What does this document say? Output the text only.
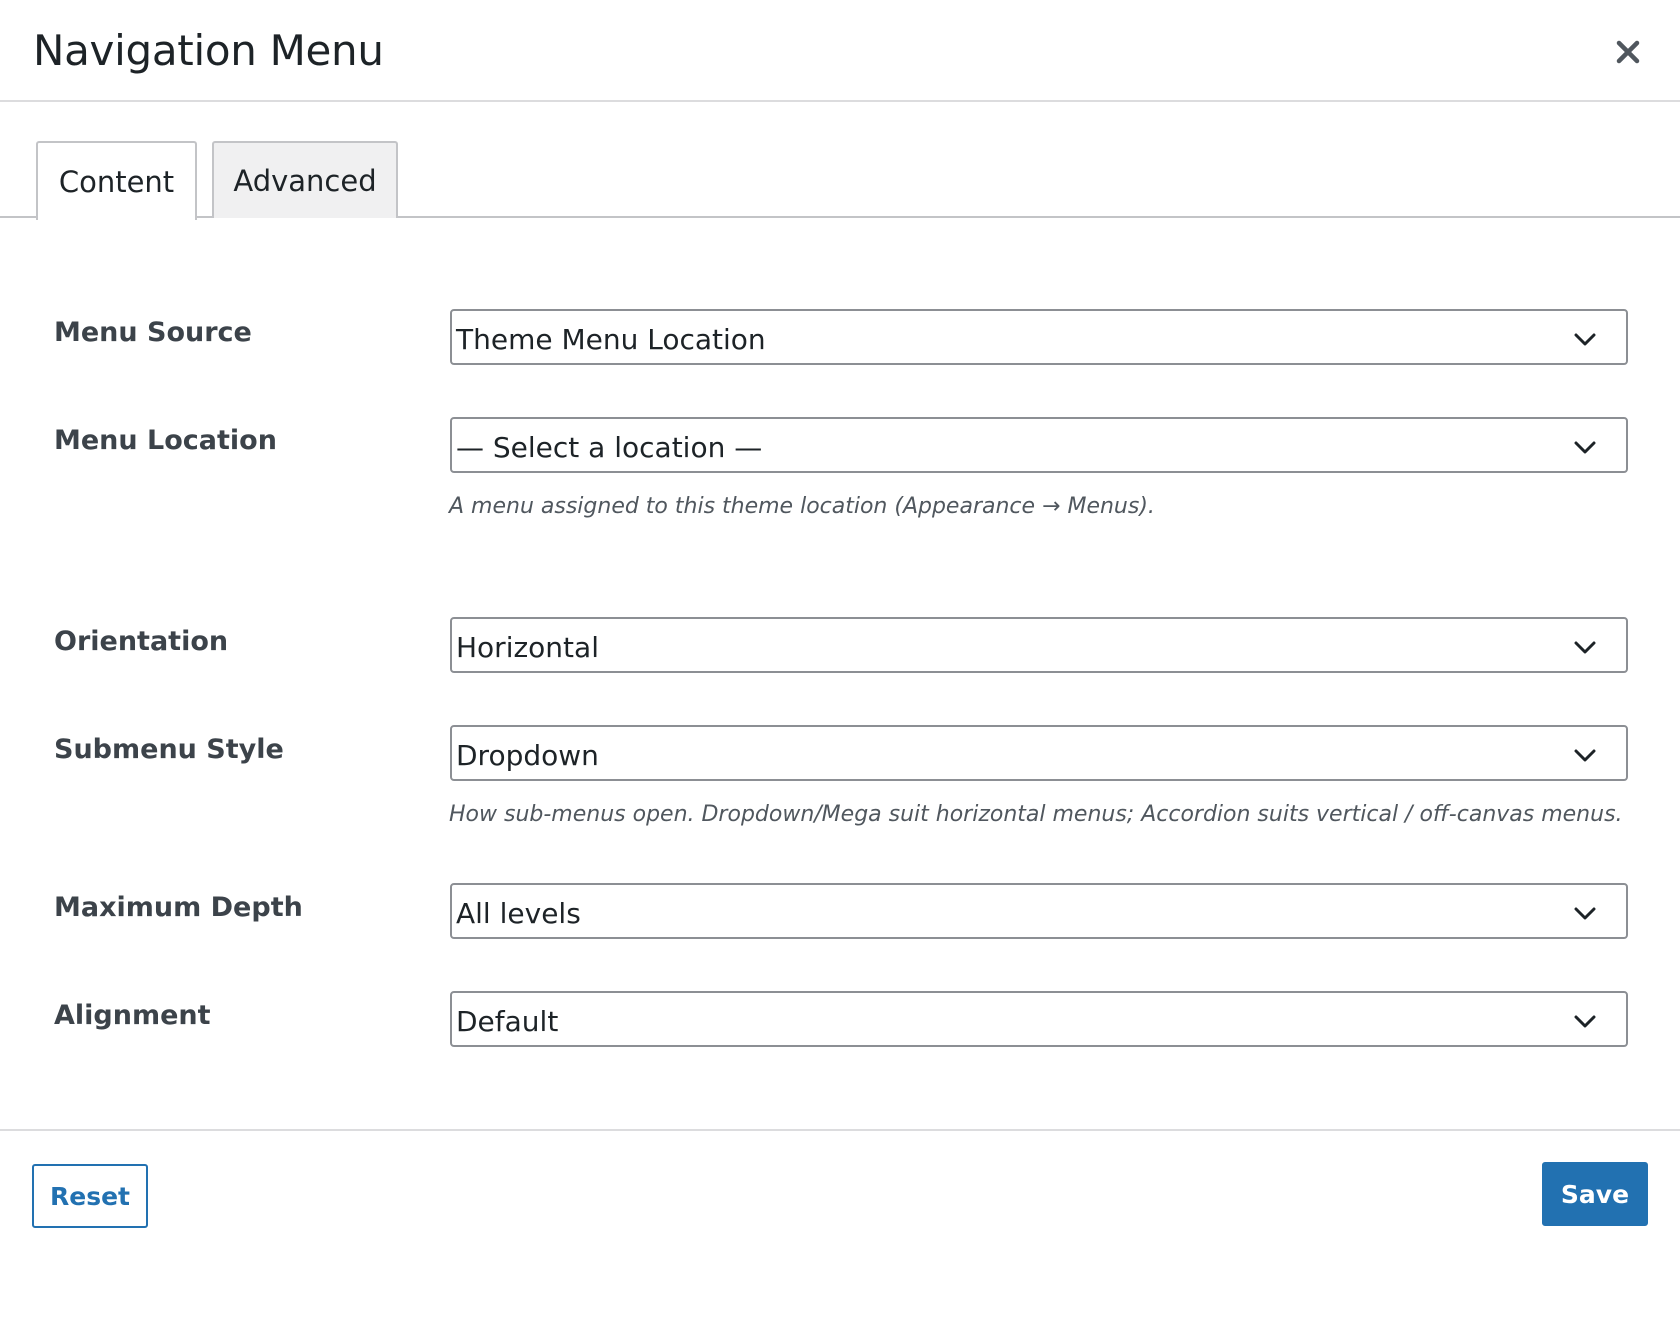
Navigation Menu
Content	Advanced
Menu Source	Theme Menu Location
Menu Location	— Select a location —
A menu assigned to this theme location (Appearance → Menus).
Orientation	Horizontal
Submenu Style	Dropdown
How sub-menus open. Dropdown/Mega suit horizontal menus; Accordion suits vertical / off-canvas menus.
Maximum Depth	All levels
Alignment	Default
Reset	Save
